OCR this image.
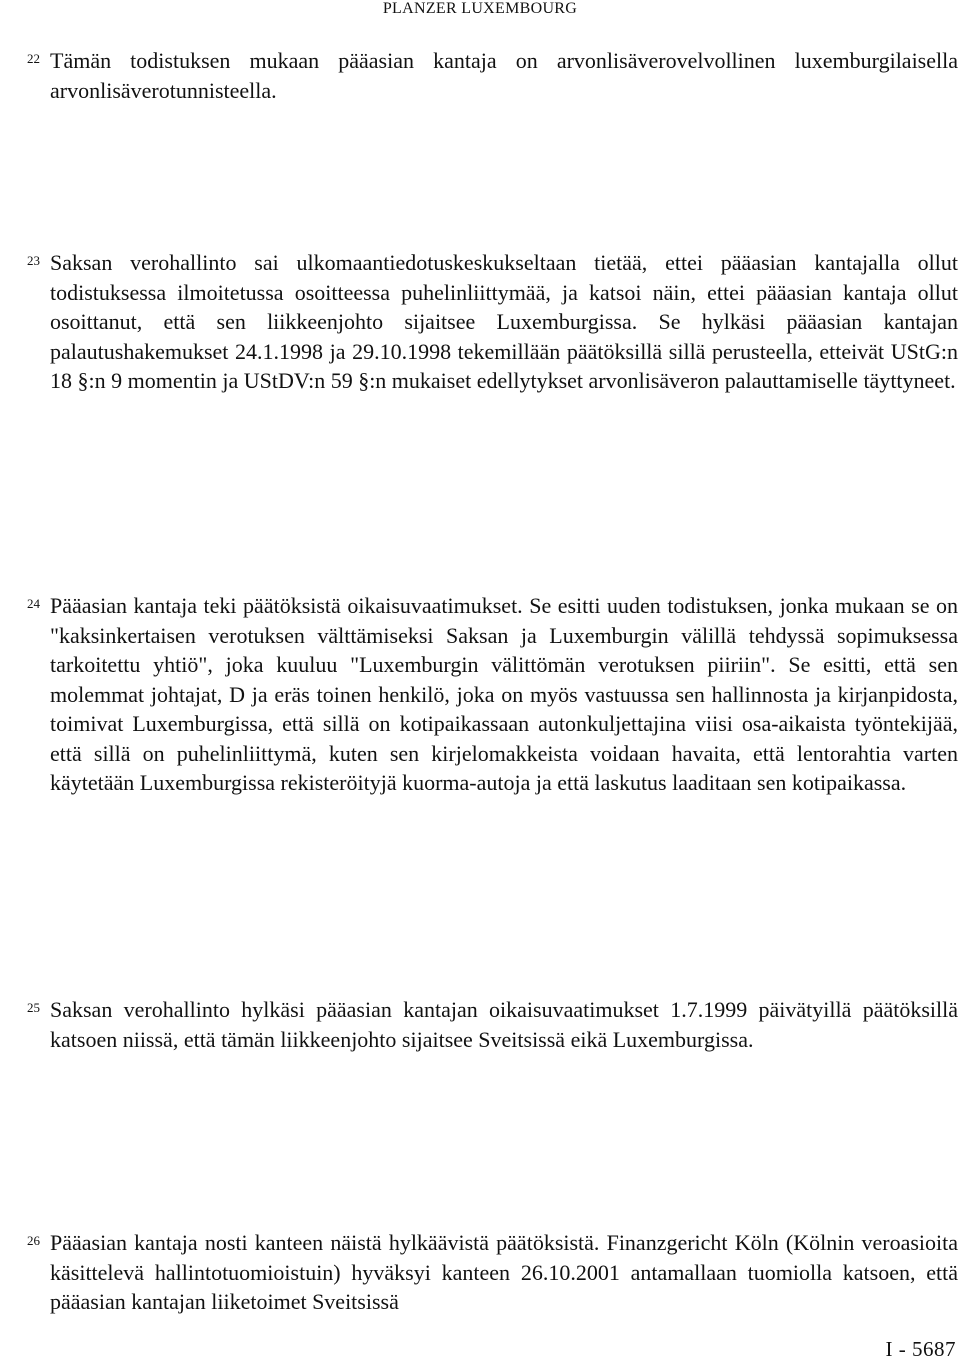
PLANZER LUXEMBOURG
22 Tämän todistuksen mukaan pääasian kantaja on arvonlisäverovelvollinen luxemburgilaisella arvonlisäverotunnisteella.

23 Saksan verohallinto sai ulkomaantiedotuskeskukseltaan tietää, ettei pääasian kantajalla ollut todistuksessa ilmoitetussa osoitteessa puhelinliittymää, ja katsoi näin, ettei pääasian kantaja ollut osoittanut, että sen liikkeenjohto sijaitsee Luxemburgissa. Se hylkäsi pääasian kantajan palautushakemukset 24.1.1998 ja 29.10.1998 tekemillään päätöksillä sillä perusteella, etteivät UStG:n 18 §:n 9 momentin ja UStDV:n 59 §:n mukaiset edellytykset arvonlisäveron palauttamiselle täyttyneet.

24 Pääasian kantaja teki päätöksistä oikaisuvaatimukset. Se esitti uuden todistuksen, jonka mukaan se on "kaksinkertaisen verotuksen välttämiseksi Saksan ja Luxemburgin välillä tehdyssä sopimuksessa tarkoitettu yhtiö", joka kuuluu "Luxemburgin välittömän verotuksen piiriin". Se esitti, että sen molemmat johtajat, D ja eräs toinen henkilö, joka on myös vastuussa sen hallinnosta ja kirjanpidosta, toimivat Luxemburgissa, että sillä on kotipaikassaan autonkuljettajina viisi osa-aikaista työntekijää, että sillä on puhelinliittymä, kuten sen kirjelomakkeista voidaan havaita, että lentorahtia varten käytetään Luxemburgissa rekisteröityjä kuorma-autoja ja että laskutus laaditaan sen kotipaikassa.

25 Saksan verohallinto hylkäsi pääasian kantajan oikaisuvaatimukset 1.7.1999 päivätyillä päätöksillä katsoen niissä, että tämän liikkeenjohto sijaitsee Sveitsissä eikä Luxemburgissa.

26 Pääasian kantaja nosti kanteen näistä hylkäävistä päätöksistä. Finanzgericht Köln (Kölnin veroasioita käsittelevä hallintotuomioistuin) hyväksyi kanteen 26.10.2001 antamallaan tuomiolla katsoen, että pääasian kantajan liiketoimet Sveitsissä

I - 5687
